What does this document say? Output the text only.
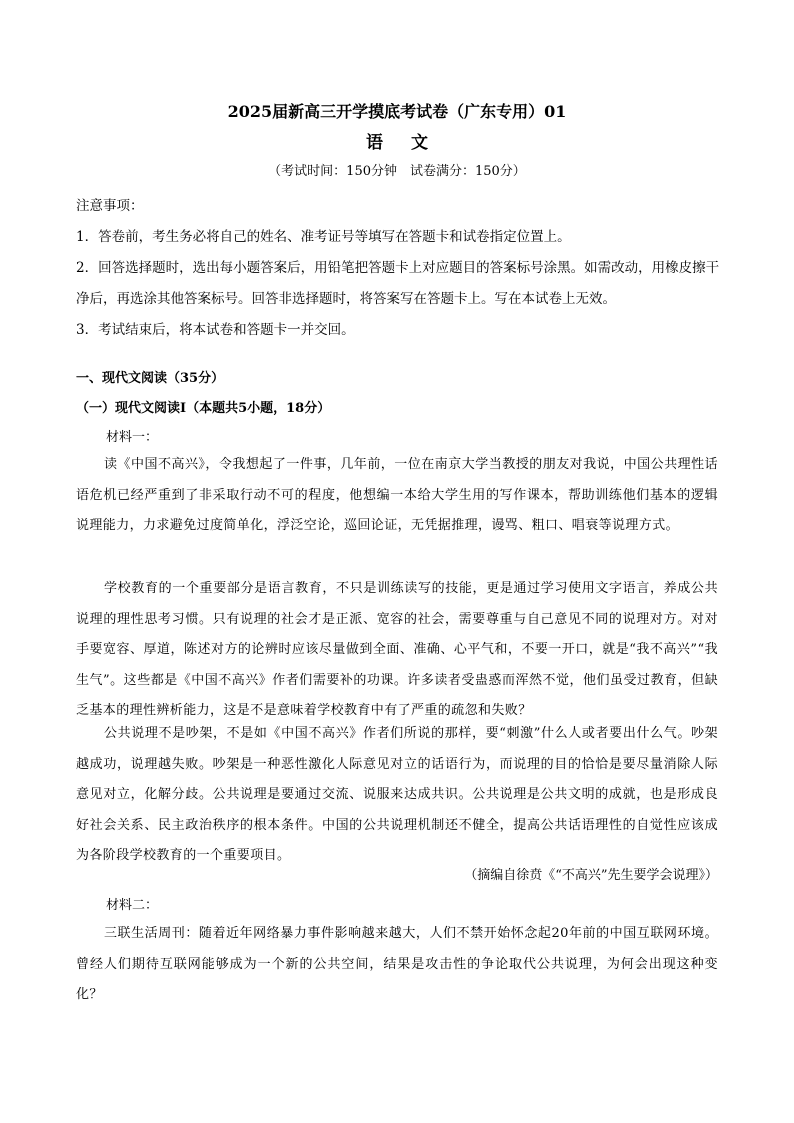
2025届新高三开学摸底考试卷（广东专用）01
语文
（考试时间：150分钟　试卷满分：150分）

注意事项：

1．答卷前，考生务必将自己的姓名、准考证号等填写在答题卡和试卷指定位置上。

2．回答选择题时，选出每小题答案后，用铅笔把答题卡上对应题目的答案标号涂黑。如需改动，用橡皮擦干净后，再选涂其他答案标号。回答非选择题时，将答案写在答题卡上。写在本试卷上无效。

3．考试结束后，将本试卷和答题卡一并交回。

一、现代文阅读（35分）
（一）现代文阅读Ⅰ（本题共5小题，18分）
材料一：
读《中国不高兴》，令我想起了一件事，几年前，一位在南京大学当教授的朋友对我说，中国公共理性话语危机已经严重到了非采取行动不可的程度，他想编一本给大学生用的写作课本，帮助训练他们基本的逻辑说理能力，力求避免过度简单化，浮泛空论，巡回论证，无凭据推理，谩骂、粗口、唱衰等说理方式。
学校教育的一个重要部分是语言教育，不只是训练读写的技能，更是通过学习使用文字语言，养成公共说理的理性思考习惯。只有说理的社会才是正派、宽容的社会，需要尊重与自己意见不同的说理对方。对对手要宽容、厚道，陈述对方的论辨时应该尽量做到全面、准确、心平气和，不要一开口，就是“我不高兴”“我生气”。这些都是《中国不高兴》作者们需要补的功课。许多读者受蛊惑而浑然不觉，他们虽受过教育，但缺乏基本的理性辨析能力，这是不是意味着学校教育中有了严重的疏忽和失败？
公共说理不是吵架，不是如《中国不高兴》作者们所说的那样，要“刺激”什么人或者要出什么气。吵架越成功，说理越失败。吵架是一种恶性激化人际意见对立的话语行为，而说理的目的恰恰是要尽量消除人际意见对立，化解分歧。公共说理是要通过交流、说服来达成共识。公共说理是公共文明的成就，也是形成良好社会关系、民主政治秩序的根本条件。中国的公共说理机制还不健全，提高公共话语理性的自觉性应该成为各阶段学校教育的一个重要项目。
（摘编自徐贲《“不高兴”先生要学会说理》）
材料二：
三联生活周刊：随着近年网络暴力事件影响越来越大，人们不禁开始怀念起20年前的中国互联网环境。曾经人们期待互联网能够成为一个新的公共空间，结果是攻击性的争论取代公共说理，为何会出现这种变化？
